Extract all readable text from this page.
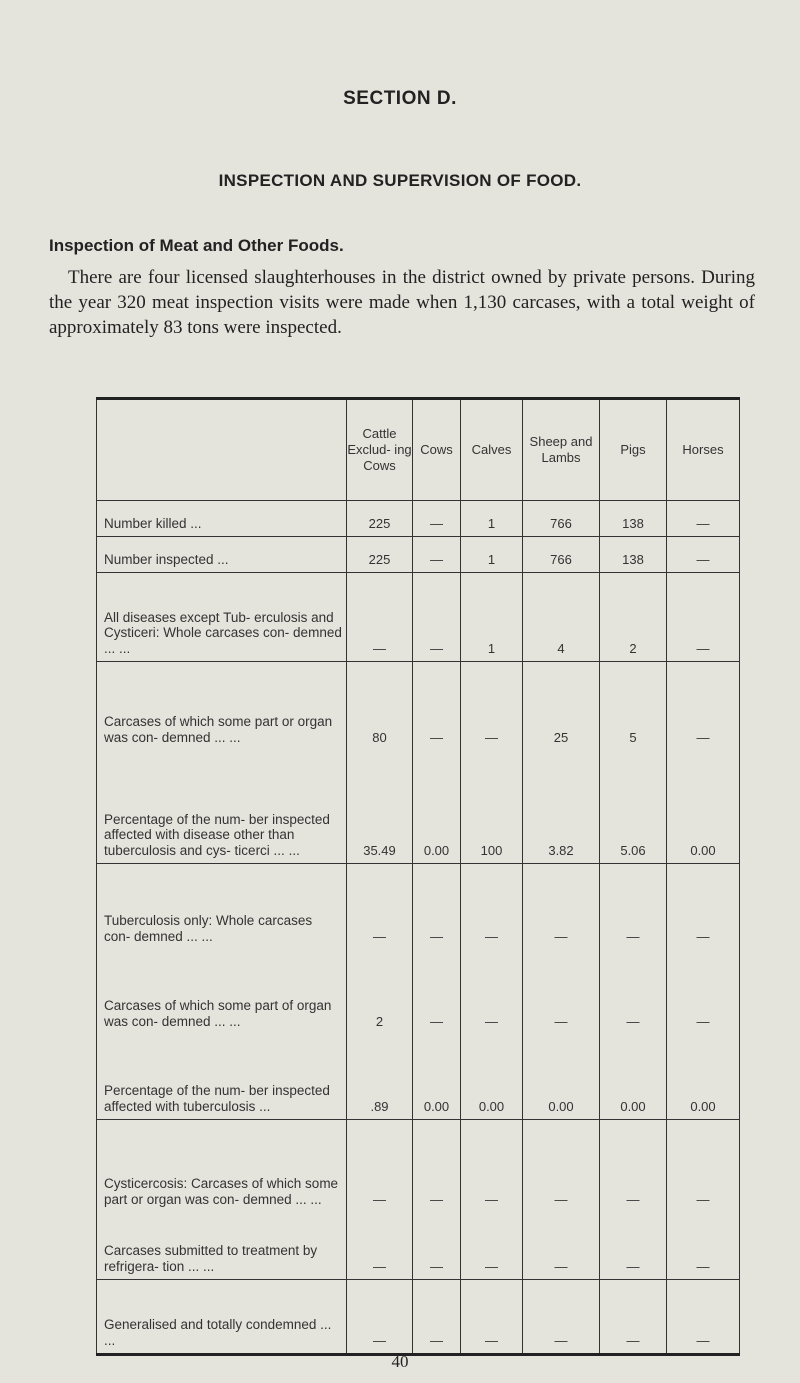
SECTION D.
INSPECTION AND SUPERVISION OF FOOD.
Inspection of Meat and Other Foods.

There are four licensed slaughterhouses in the district owned by private persons. During the year 320 meat inspection visits were made when 1,130 carcases, with a total weight of approximately 83 tons were inspected.

	Cattle Exclud- ing Cows	Cows	Calves	Sheep and Lambs	Pigs	Horses
Number killed ...	225	—	1	766	138	—
Number inspected ...	225	—	1	766	138	—
All diseases except Tub- erculosis and Cysticeri: Whole carcases con- demned ... ...	—	—	1	4	2	—
Carcases of which some part or organ was con- demned ... ...	80	—	—	25	5	—
Percentage of the num- ber inspected affected with disease other than tuberculosis and cys- ticerci ... ...	35.49	0.00	100	3.82	5.06	0.00
Tuberculosis only: Whole carcases con- demned ... ...	—	—	—	—	—	—
Carcases of which some part of organ was con- demned ... ...	2	—	—	—	—	—
Percentage of the num- ber inspected affected with tuberculosis ...	.89	0.00	0.00	0.00	0.00	0.00
Cysticercosis: Carcases of which some part or organ was con- demned ... ...	—	—	—	—	—	—
Carcases submitted to treatment by refrigera- tion ... ...	—	—	—	—	—	—
Generalised and totally condemned ... ...	—	—	—	—	—	—
40
